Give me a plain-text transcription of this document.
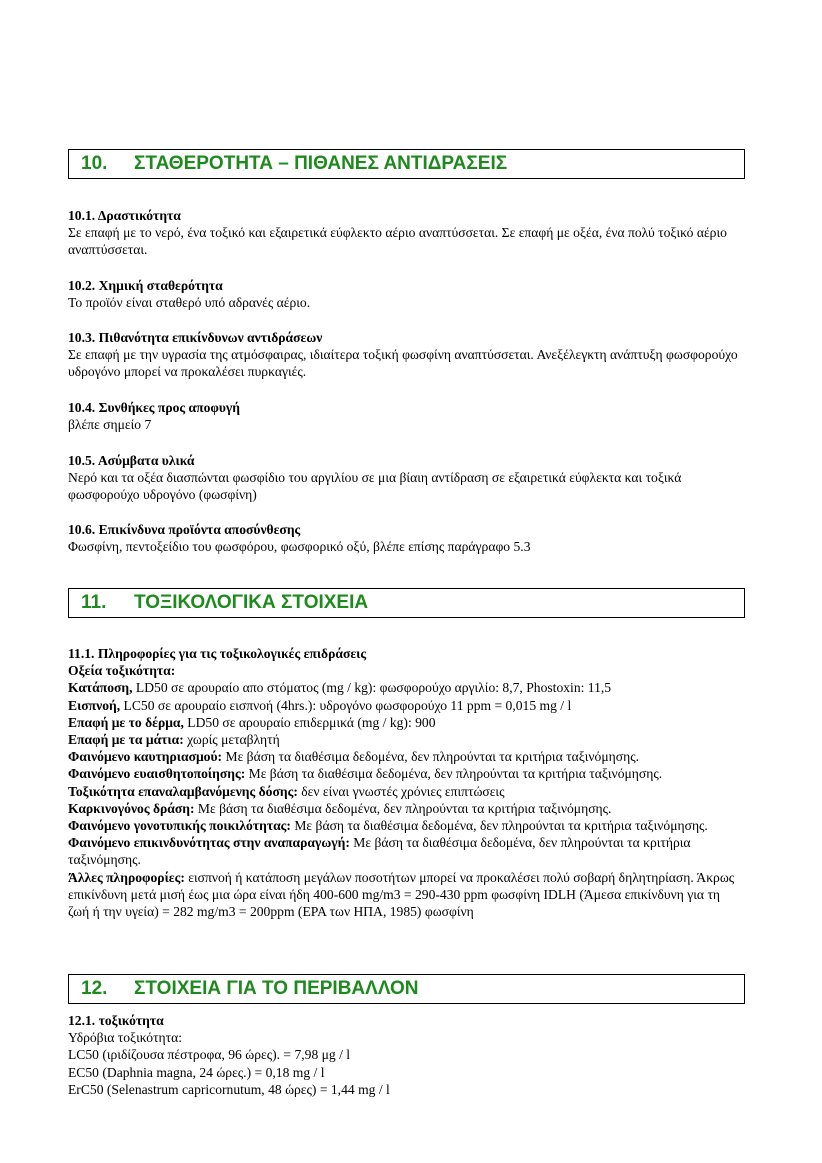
10. ΣΤΑΘΕΡΟΤΗΤΑ – ΠΙΘΑΝΕΣ ΑΝΤΙΔΡΑΣΕΙΣ

10.1. Δραστικότητα

Σε επαφή με το νερό, ένα τοξικό και εξαιρετικά εύφλεκτο αέριο αναπτύσσεται. Σε επαφή με οξέα, ένα πολύ τοξικό αέριο αναπτύσσεται.

10.2. Χημική σταθερότητα

Το προϊόν είναι σταθερό υπό αδρανές αέριο.

10.3. Πιθανότητα επικίνδυνων αντιδράσεων

Σε επαφή με την υγρασία της ατμόσφαιρας, ιδιαίτερα τοξική φωσφίνη αναπτύσσεται. Ανεξέλεγκτη ανάπτυξη φωσφορούχο υδρογόνο μπορεί να προκαλέσει πυρκαγιές.

10.4. Συνθήκες προς αποφυγή

βλέπε σημείο 7

10.5. Ασύμβατα υλικά

Νερό και τα οξέα διασπώνται φωσφίδιο του αργιλίου σε μια βίαιη αντίδραση σε εξαιρετικά εύφλεκτα και τοξικά φωσφορούχο υδρογόνο (φωσφίνη)

10.6. Επικίνδυνα προϊόντα αποσύνθεσης

Φωσφίνη, πεντοξείδιο του φωσφόρου, φωσφορικό οξύ, βλέπε επίσης παράγραφο 5.3

11. ΤΟΞΙΚΟΛΟΓΙΚΑ ΣΤΟΙΧΕΙΑ

11.1. Πληροφορίες για τις τοξικολογικές επιδράσεις

Οξεία τοξικότητα:

Κατάποση, LD50 σε αρουραίο απο στόματος (mg / kg): φωσφορούχο αργιλίο: 8,7, Phostoxin: 11,5

Εισπνοή, LC50 σε αρουραίο εισπνοή (4hrs.): υδρογόνο φωσφορούχο 11 ppm = 0,015 mg / l

Επαφή με το δέρμα, LD50 σε αρουραίο επιδερμικά (mg / kg): 900

Επαφή με τα μάτια: χωρίς μεταβλητή

Φαινόμενο καυτηριασμού: Με βάση τα διαθέσιμα δεδομένα, δεν πληρούνται τα κριτήρια ταξινόμησης.

Φαινόμενο ευαισθητοποίησης: Με βάση τα διαθέσιμα δεδομένα, δεν πληρούνται τα κριτήρια ταξινόμησης.

Τοξικότητα επαναλαμβανόμενης δόσης: δεν είναι γνωστές χρόνιες επιπτώσεις

Καρκινογόνος δράση: Με βάση τα διαθέσιμα δεδομένα, δεν πληρούνται τα κριτήρια ταξινόμησης.

Φαινόμενο γονοτυπικής ποικιλότητας: Με βάση τα διαθέσιμα δεδομένα, δεν πληρούνται τα κριτήρια ταξινόμησης.

Φαινόμενο επικινδυνότητας στην αναπαραγωγή: Με βάση τα διαθέσιμα δεδομένα, δεν πληρούνται τα κριτήρια ταξινόμησης.

Άλλες πληροφορίες: εισπνοή ή κατάποση μεγάλων ποσοτήτων μπορεί να προκαλέσει πολύ σοβαρή δηλητηρίαση. Άκρως επικίνδυνη μετά μισή έως μια ώρα είναι ήδη 400-600 mg/m3 = 290-430 ppm φωσφίνη IDLH (Άμεσα επικίνδυνη για τη ζωή ή την υγεία) = 282 mg/m3 = 200ppm (EPA των ΗΠΑ, 1985) φωσφίνη

12. ΣΤΟΙΧΕΙΑ ΓΙΑ ΤΟ ΠΕΡΙΒΑΛΛΟΝ

12.1. τοξικότητα

Υδρόβια τοξικότητα:

LC50 (ιριδίζουσα πέστροφα, 96 ώρες). = 7,98 μg / l

EC50 (Daphnia magna, 24 ώρες.) = 0,18 mg / l

ErC50 (Selenastrum capricornutum, 48 ώρες) = 1,44 mg / l
